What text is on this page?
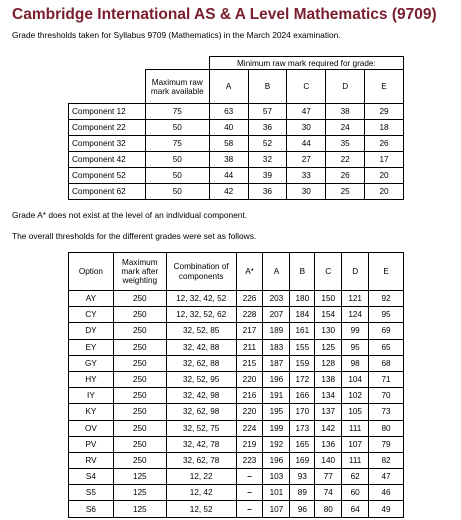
Cambridge International AS & A Level Mathematics (9709)
Grade thresholds taken for Syllabus 9709 (Mathematics) in the March 2024 examination.
		Minimum raw mark required for grade:				
	Maximum raw mark available	A	B	C	D	E
Component 12	75	63	57	47	38	29
Component 22	50	40	36	30	24	18
Component 32	75	58	52	44	35	26
Component 42	50	38	32	27	22	17
Component 52	50	44	39	33	26	20
Component 62	50	42	36	30	25	20
Grade A* does not exist at the level of an individual component.
The overall thresholds for the different grades were set as follows.
Option	Maximum mark after weighting	Combination of components	A*	A	B	C	D	E
AY	250	12, 32, 42, 52	226	203	180	150	121	92
CY	250	12, 32, 52, 62	228	207	184	154	124	95
DY	250	32, 52, 85	217	189	161	130	99	69
EY	250	32, 42, 88	211	183	155	125	95	65
GY	250	32, 62, 88	215	187	159	128	98	68
HY	250	32, 52, 95	220	196	172	138	104	71
IY	250	32, 42, 98	216	191	166	134	102	70
KY	250	32, 62, 98	220	195	170	137	105	73
OV	250	32, 52, 75	224	199	173	142	111	80
PV	250	32, 42, 78	219	192	165	136	107	79
RV	250	32, 62, 78	223	196	169	140	111	82
S4	125	12, 22	–	103	93	77	62	47
S5	125	12, 42	–	101	89	74	60	46
S6	125	12, 52	–	107	96	80	64	49
